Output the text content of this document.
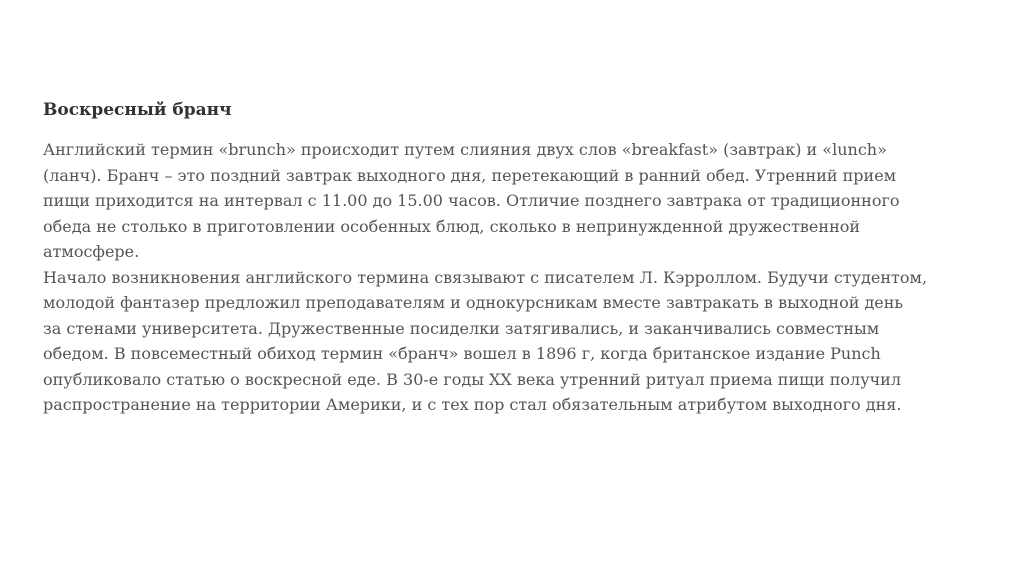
Воскресный бранч

Английский термин «brunch» происходит путем слияния двух слов «breakfast» (завтрак) и «lunch»
(ланч). Бранч – это поздний завтрак выходного дня, перетекающий в ранний обед. Утренний прием
пищи приходится на интервал с 11.00 до 15.00 часов. Отличие позднего завтрака от традиционного
обеда не столько в приготовлении особенных блюд, сколько в непринужденной дружественной
атмосфере.

Начало возникновения английского термина связывают с писателем Л. Кэрроллом. Будучи студентом,
молодой фантазер предложил преподавателям и однокурсникам вместе завтракать в выходной день
за стенами университета. Дружественные посиделки затягивались, и заканчивались совместным
обедом. В повсеместный обиход термин «бранч» вошел в 1896 г, когда британское издание Punch
опубликовало статью о воскресной еде. В 30-е годы XX века утренний ритуал приема пищи получил
распространение на территории Америки, и с тех пор стал обязательным атрибутом выходного дня.
